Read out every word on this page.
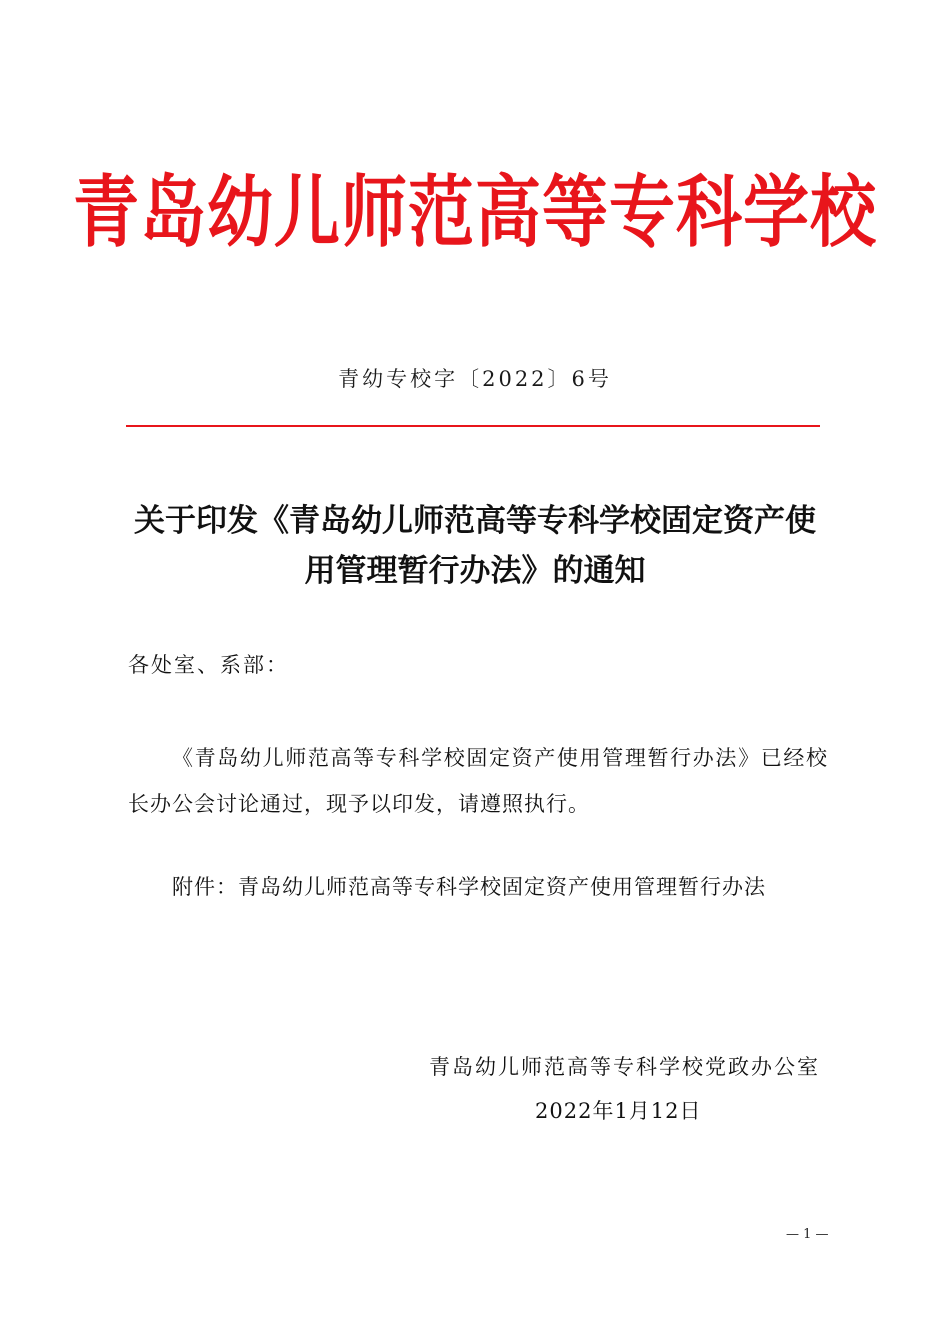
青岛幼儿师范高等专科学校
青幼专校字〔2022〕6号
关于印发《青岛幼儿师范高等专科学校固定资产使用管理暂行办法》的通知
各处室、系部：
《青岛幼儿师范高等专科学校固定资产使用管理暂行办法》已经校长办公会讨论通过，现予以印发，请遵照执行。
附件：青岛幼儿师范高等专科学校固定资产使用管理暂行办法
青岛幼儿师范高等专科学校党政办公室
2022年1月12日
— 1 —
